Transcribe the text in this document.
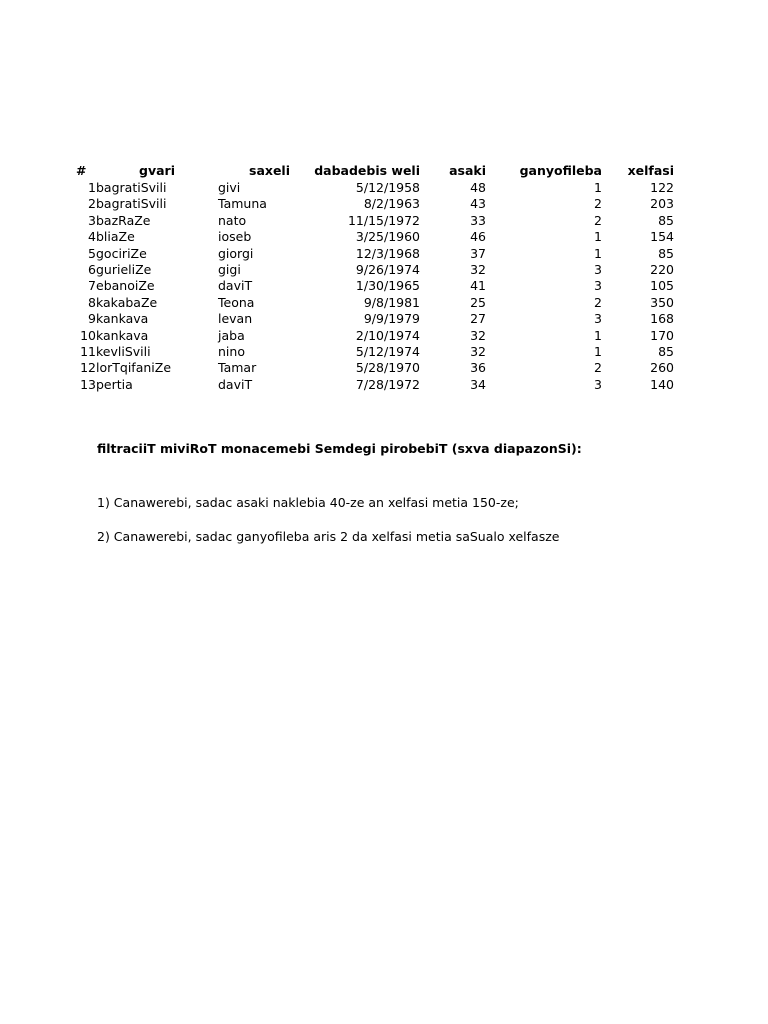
#	gvari	saxeli	dabadebis weli	asaki	ganyofileba	xelfasi
1	bagratiSvili	givi	5/12/1958	48	1	122
2	bagratiSvili	Tamuna	8/2/1963	43	2	203
3	bazRaZe	nato	11/15/1972	33	2	85
4	bliaZe	ioseb	3/25/1960	46	1	154
5	gociriZe	giorgi	12/3/1968	37	1	85
6	gurieliZe	gigi	9/26/1974	32	3	220
7	ebanoiZe	daviT	1/30/1965	41	3	105
8	kakabaZe	Teona	9/8/1981	25	2	350
9	kankava	levan	9/9/1979	27	3	168
10	kankava	jaba	2/10/1974	32	1	170
11	kevliSvili	nino	5/12/1974	32	1	85
12	lorTqifaniZe	Tamar	5/28/1970	36	2	260
13	pertia	daviT	7/28/1972	34	3	140
filtraciiT miviRoT monacemebi Semdegi pirobebiT (sxva diapazonSi):
1) Canawerebi, sadac asaki naklebia 40-ze an xelfasi metia 150-ze;
2) Canawerebi, sadac ganyofileba aris 2 da xelfasi metia saSualo xelfasze
